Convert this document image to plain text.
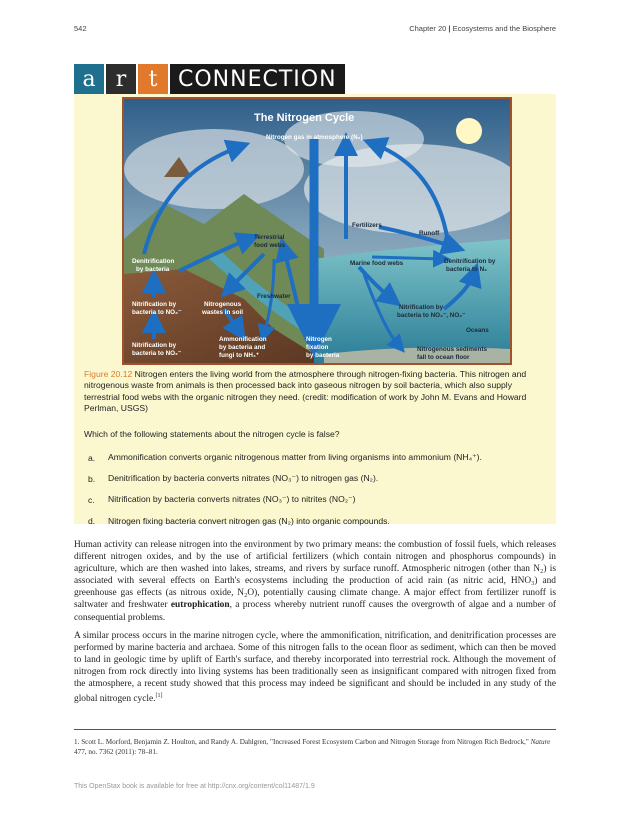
542	Chapter 20 | Ecosystems and the Biosphere
a r	t CONNECTION
The Nitrogen Cycle
Nitrogen gas in atmosphere (N₂)
Terrestrial food webs
Denitrification by bacteria
Nitrification by bacteria to NO₃⁻
Nitrogenous wastes in soil
Freshwater
Nitrification by bacteria to NO₂⁻
Ammonification by bacteria and fungi to NH₄⁺
Nitrogen fixation by bacteria
Fertilizers
Runoff
Marine food webs	Denitrification by bacteria to N₂
Nitrification by bacteria to NO₃⁻, NO₂⁻
Oceans
Nitrogenous sediments fall to ocean floor
Figure 20.12 Nitrogen enters the living world from the atmosphere through nitrogen-fixing bacteria. This nitrogen and nitrogenous waste from animals is then processed back into gaseous nitrogen by soil bacteria, which also supply terrestrial food webs with the organic nitrogen they need. (credit: modification of work by John M. Evans and Howard Perlman, USGS)
Which of the following statements about the nitrogen cycle is false?
a.	Ammonification converts organic nitrogenous matter from living organisms into ammonium (NH₄⁺).
b.	Denitrification by bacteria converts nitrates (NO₃⁻) to nitrogen gas (N₂).
c.	Nitrification by bacteria converts nitrates (NO₃⁻) to nitrites (NO₂⁻)
d.	Nitrogen fixing bacteria convert nitrogen gas (N₂) into organic compounds.
Human activity can release nitrogen into the environment by two primary means: the combustion of fossil fuels, which releases different nitrogen oxides, and by the use of artificial fertilizers (which contain nitrogen and phosphorus compounds) in agriculture, which are then washed into lakes, streams, and rivers by surface runoff. Atmospheric nitrogen (other than N₂) is associated with several effects on Earth's ecosystems including the production of acid rain (as nitric acid, HNO₃) and greenhouse gas effects (as nitrous oxide, N₂O), potentially causing climate change. A major effect from fertilizer runoff is saltwater and freshwater eutrophication, a process whereby nutrient runoff causes the overgrowth of algae and a number of consequential problems.
A similar process occurs in the marine nitrogen cycle, where the ammonification, nitrification, and denitrification processes are performed by marine bacteria and archaea. Some of this nitrogen falls to the ocean floor as sediment, which can then be moved to land in geologic time by uplift of Earth's surface, and thereby incorporated into terrestrial rock. Although the movement of nitrogen from rock directly into living systems has been traditionally seen as insignificant compared with nitrogen fixed from the atmosphere, a recent study showed that this process may indeed be significant and should be included in any study of the global nitrogen cycle.[1]
1. Scott L. Morford, Benjamin Z. Houlton, and Randy A. Dahlgren, "Increased Forest Ecosystem Carbon and Nitrogen Storage from Nitrogen Rich Bedrock," Nature 477, no. 7362 (2011): 78–81.
This OpenStax book is available for free at http://cnx.org/content/col11487/1.9
